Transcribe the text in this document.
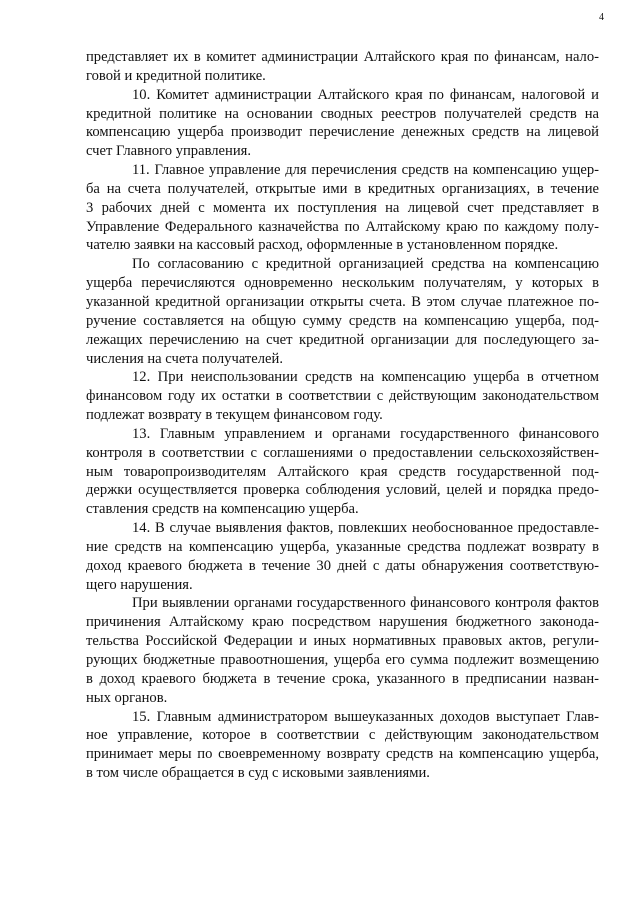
4
представляет их в комитет администрации Алтайского края по финансам, нало-
говой и кредитной политике.
10. Комитет администрации Алтайского края по финансам, налоговой и
кредитной политике на основании сводных реестров получателей средств на
компенсацию ущерба производит перечисление денежных средств на лицевой
счет Главного управления.
11. Главное управление для перечисления средств на компенсацию ущер-
ба на счета получателей, открытые ими в кредитных организациях, в течение
3 рабочих дней с момента их поступления на лицевой счет представляет в
Управление Федерального казначейства по Алтайскому краю по каждому полу-
чателю заявки на кассовый расход, оформленные в установленном порядке.
По согласованию с кредитной организацией средства на компенсацию
ущерба перечисляются одновременно нескольким получателям, у которых в
указанной кредитной организации открыты счета. В этом случае платежное по-
ручение составляется на общую сумму средств на компенсацию ущерба, под-
лежащих перечислению на счет кредитной организации для последующего за-
числения на счета получателей.
12. При неиспользовании средств на компенсацию ущерба в отчетном
финансовом году их остатки в соответствии с действующим законодательством
подлежат возврату в текущем финансовом году.
13. Главным управлением и органами государственного финансового
контроля в соответствии с соглашениями о предоставлении сельскохозяйствен-
ным товаропроизводителям Алтайского края средств государственной под-
держки осуществляется проверка соблюдения условий, целей и порядка предо-
ставления средств на компенсацию ущерба.
14. В случае выявления фактов, повлекших необоснованное предоставле-
ние средств на компенсацию ущерба, указанные средства подлежат возврату в
доход краевого бюджета в течение 30 дней с даты обнаружения соответствую-
щего нарушения.
При выявлении органами государственного финансового контроля фактов
причинения Алтайскому краю посредством нарушения бюджетного законода-
тельства Российской Федерации и иных нормативных правовых актов, регули-
рующих бюджетные правоотношения, ущерба его сумма подлежит возмещению
в доход краевого бюджета в течение срока, указанного в предписании назван-
ных органов.
15. Главным администратором вышеуказанных доходов выступает Глав-
ное управление, которое в соответствии с действующим законодательством
принимает меры по своевременному возврату средств на компенсацию ущерба,
в том числе обращается в суд с исковыми заявлениями.
